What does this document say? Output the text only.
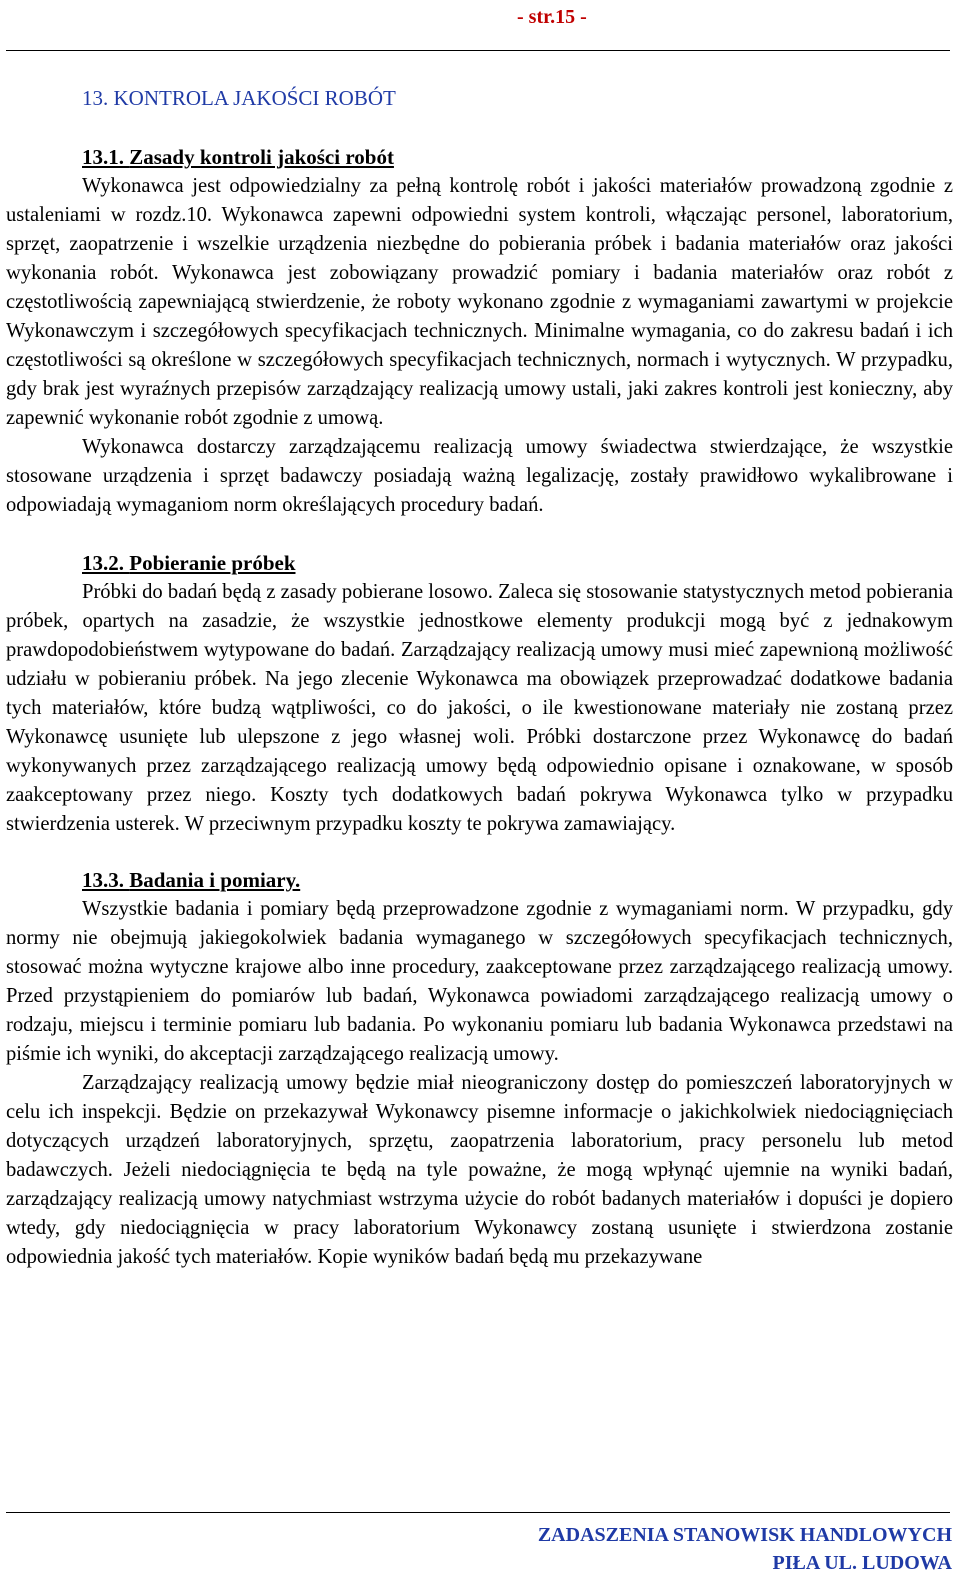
- str.15 -
13. KONTROLA JAKOŚCI ROBÓT
13.1. Zasady kontroli jakości robót

Wykonawca jest odpowiedzialny za pełną kontrolę robót i jakości materiałów prowadzoną zgodnie z ustaleniami w rozdz.10. Wykonawca zapewni odpowiedni system kontroli, włączając personel, laboratorium, sprzęt, zaopatrzenie i wszelkie urządzenia niezbędne do pobierania próbek i badania materiałów oraz jakości wykonania robót. Wykonawca jest zobowiązany prowadzić pomiary i badania materiałów oraz robót z częstotliwością zapewniającą stwierdzenie, że roboty wykonano zgodnie z wymaganiami zawartymi w projekcie Wykonawczym i szczegółowych specyfikacjach technicznych. Minimalne wymagania, co do zakresu badań i ich częstotliwości są określone w szczegółowych specyfikacjach technicznych, normach i wytycznych. W przypadku, gdy brak jest wyraźnych przepisów zarządzający realizacją umowy ustali, jaki zakres kontroli jest konieczny, aby zapewnić wykonanie robót zgodnie z umową.

Wykonawca dostarczy zarządzającemu realizacją umowy świadectwa stwierdzające, że wszystkie stosowane urządzenia i sprzęt badawczy posiadają ważną legalizację, zostały prawidłowo wykalibrowane i odpowiadają wymaganiom norm określających procedury badań.

13.2. Pobieranie próbek

Próbki do badań będą z zasady pobierane losowo. Zaleca się stosowanie statystycznych metod pobierania próbek, opartych na zasadzie, że wszystkie jednostkowe elementy produkcji mogą być z jednakowym prawdopodobieństwem wytypowane do badań. Zarządzający realizacją umowy musi mieć zapewnioną możliwość udziału w pobieraniu próbek. Na jego zlecenie Wykonawca ma obowiązek przeprowadzać dodatkowe badania tych materiałów, które budzą wątpliwości, co do jakości, o ile kwestionowane materiały nie zostaną przez Wykonawcę usunięte lub ulepszone z jego własnej woli. Próbki dostarczone przez Wykonawcę do badań wykonywanych przez zarządzającego realizacją umowy będą odpowiednio opisane i oznakowane, w sposób zaakceptowany przez niego. Koszty tych dodatkowych badań pokrywa Wykonawca tylko w przypadku stwierdzenia usterek. W przeciwnym przypadku koszty te pokrywa zamawiający.

13.3. Badania i pomiary.

Wszystkie badania i pomiary będą przeprowadzone zgodnie z wymaganiami norm. W przypadku, gdy normy nie obejmują jakiegokolwiek badania wymaganego w szczegółowych specyfikacjach technicznych, stosować można wytyczne krajowe albo inne procedury, zaakceptowane przez zarządzającego realizacją umowy. Przed przystąpieniem do pomiarów lub badań, Wykonawca powiadomi zarządzającego realizacją umowy o rodzaju, miejscu i terminie pomiaru lub badania. Po wykonaniu pomiaru lub badania Wykonawca przedstawi na piśmie ich wyniki, do akceptacji zarządzającego realizacją umowy.

Zarządzający realizacją umowy będzie miał nieograniczony dostęp do pomieszczeń laboratoryjnych w celu ich inspekcji. Będzie on przekazywał Wykonawcy pisemne informacje o jakichkolwiek niedociągnięciach dotyczących urządzeń laboratoryjnych, sprzętu, zaopatrzenia laboratorium, pracy personelu lub metod badawczych. Jeżeli niedociągnięcia te będą na tyle poważne, że mogą wpłynąć ujemnie na wyniki badań, zarządzający realizacją umowy natychmiast wstrzyma użycie do robót badanych materiałów i dopuści je dopiero wtedy, gdy niedociągnięcia w pracy laboratorium Wykonawcy zostaną usunięte i stwierdzona zostanie odpowiednia jakość tych materiałów. Kopie wyników badań będą mu przekazywane

ZADASZENIA STANOWISK HANDLOWYCH
PIŁA UL. LUDOWA
